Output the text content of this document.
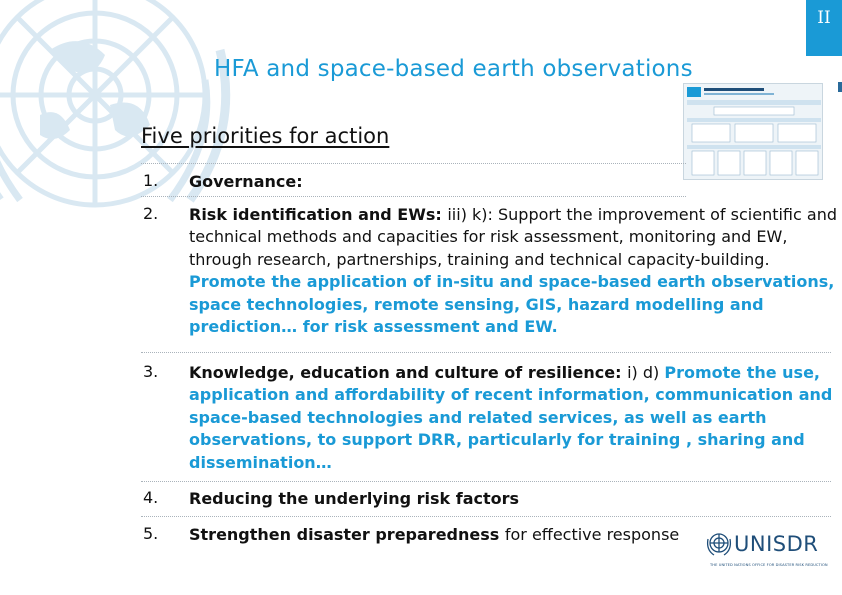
II
HFA and space-based earth observations
Five priorities for action
1.	Governance:
2.	Risk identification and EWs: iii) k): Support the improvement of scientific and technical methods and capacities for risk assessment, monitoring and EW, through research, partnerships, training and technical capacity-building. Promote the application of in-situ and space-based earth observations, space technologies, remote sensing, GIS, hazard modelling and prediction… for risk assessment and EW.
3.	Knowledge, education and culture of resilience: i) d) Promote the use, application and affordability of recent information, communication and space-based technologies and related services, as well as earth observations, to support DRR, particularly for training , sharing and dissemination…
4.	Reducing the underlying risk factors
5.	Strengthen disaster preparedness for effective response	UNISDR
THE UNITED NATIONS OFFICE FOR DISASTER RISK REDUCTION
